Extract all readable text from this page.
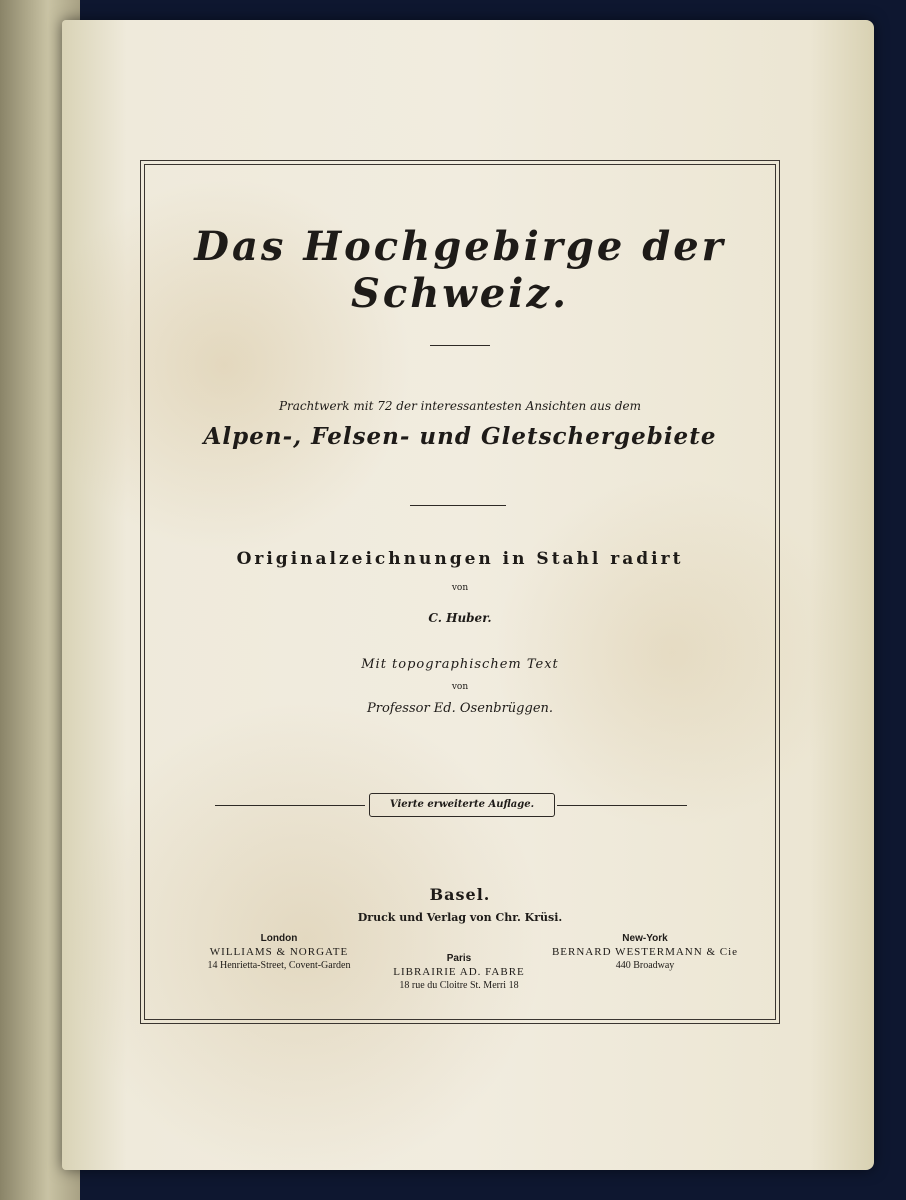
Das Hochgebirge der Schweiz.
Prachtwerk mit 72 der interessantesten Ansichten aus dem
Alpen-, Felsen- und Gletschergebiete
Originalzeichnungen in Stahl radirt
von
C. Huber.
Mit topographischem Text
von
Professor Ed. Osenbrüggen.
Vierte erweiterte Auflage.
Basel.
Druck und Verlag von Chr. Krüsi.
London
WILLIAMS & NORGATE
14 Henrietta-Street, Covent-Garden
Paris
LIBRAIRIE AD. FABRE
18 rue du Cloitre St. Merri 18
New-York
BERNARD WESTERMANN & Cie
440 Broadway
